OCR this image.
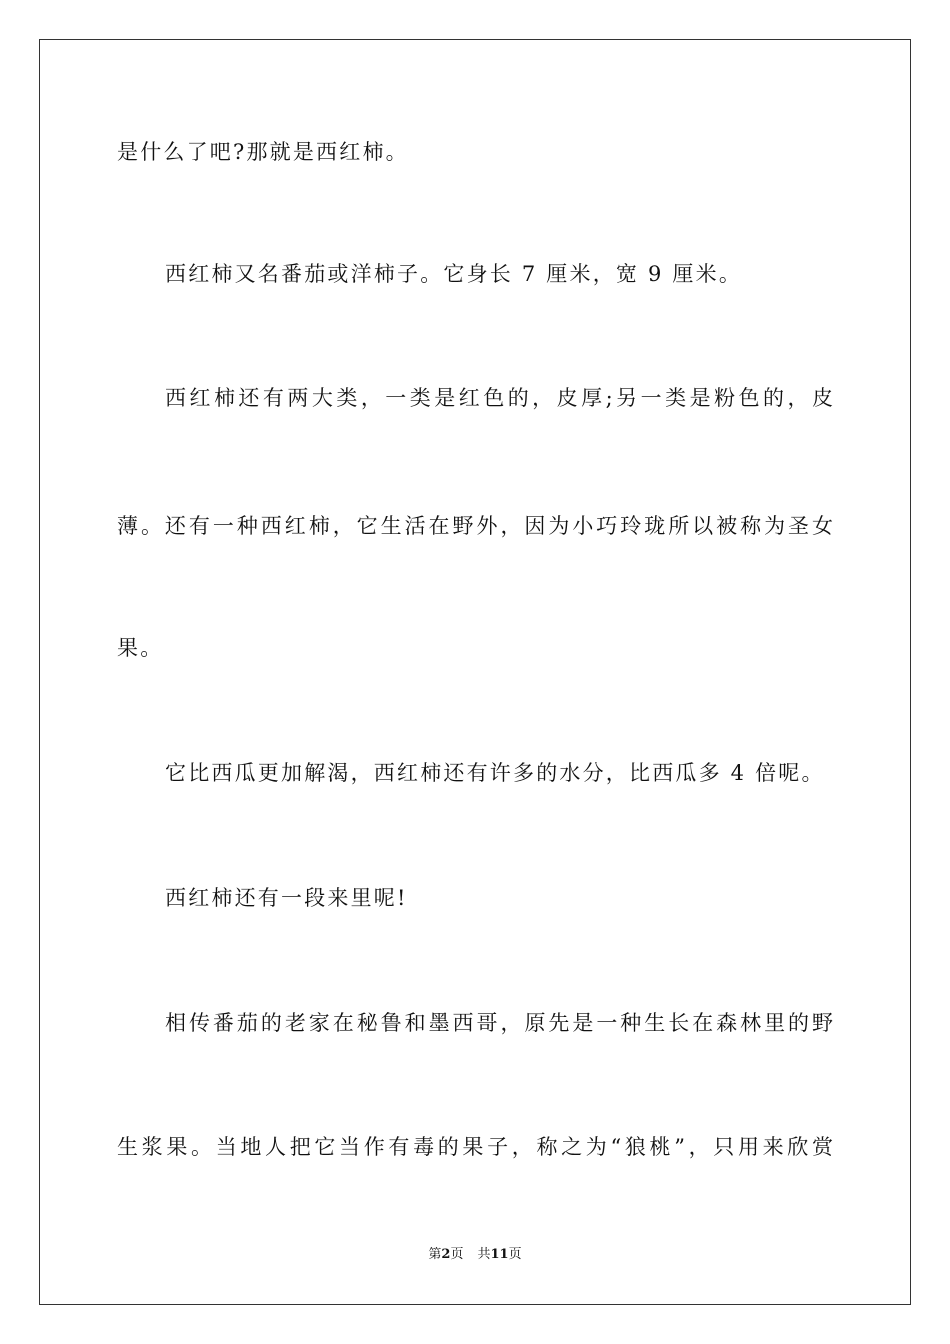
是什么了吧?那就是西红柿。
西红柿又名番茄或洋柿子。它身长 7 厘米，宽 9 厘米。
西红柿还有两大类，一类是红色的，皮厚;另一类是粉色的，皮
薄。还有一种西红柿，它生活在野外，因为小巧玲珑所以被称为圣女
果。
它比西瓜更加解渴，西红柿还有许多的水分，比西瓜多 4 倍呢。
西红柿还有一段来里呢!
相传番茄的老家在秘鲁和墨西哥，原先是一种生长在森林里的野
生浆果。当地人把它当作有毒的果子，称之为“狼桃”，只用来欣赏
第2页 共11页
